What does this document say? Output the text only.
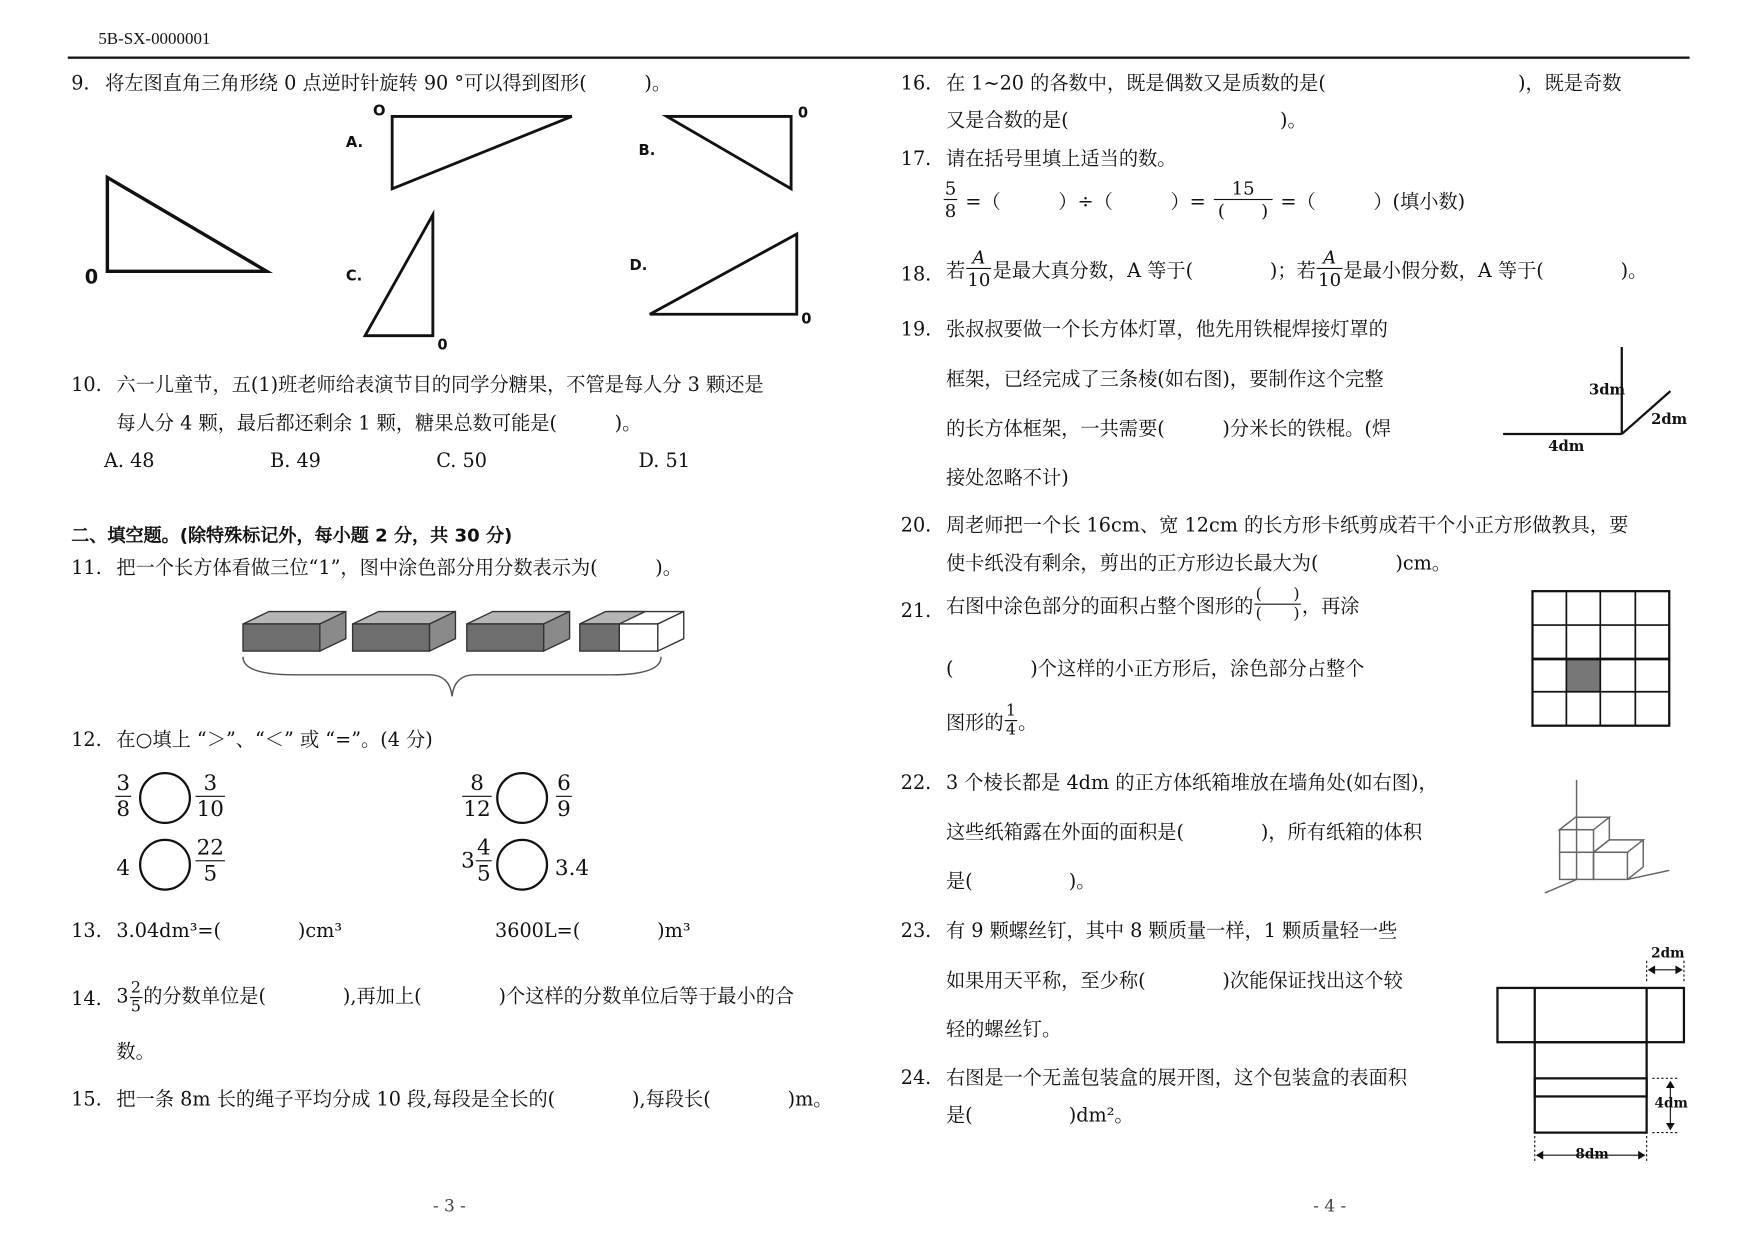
5B-SX-0000001
9. 将左图直角三角形绕 0 点逆时针旋转 90 °可以得到图形(　　　)。
0
A.	B.
C.
D.
O	0
0
0
10. 六一儿童节，五(1)班老师给表演节目的同学分糖果，不管是每人分 3 颗还是
每人分 4 颗，最后都还剩余 1 颗，糖果总数可能是(　　　)。
A. 48	B. 49	C. 50	D. 51
二、填空题。(除特殊标记外，每小题 2 分，共 30 分)
11. 把一个长方体看做三位“1”，图中涂色部分用分数表示为(　　　)。
12. 在○填上 “＞”、“＜” 或 “=”。(4 分)
$\frac{3}{8}$	$\frac{3}{10}$
4	$\frac{22}{5}$
$\frac{8}{12}$	$\frac{6}{9}$
$3 \frac{4}{5}$	3.4
13. 3.04dm³=(　　　　)cm³	3600L=(　　　　)m³
14. $3 \frac{2}{5}$ 的分数单位是(　　　　),再加上(　　　　)个这样的分数单位后等于最小的合
数。
15. 把一条 8m 长的绳子平均分成 10 段,每段是全长的(　　　　),每段长(　　　　)m。
- 3 -
16. 在 1~20 的各数中，既是偶数又是质数的是(　　　　　　　　　　)，既是奇数
又是合数的是(　　　　　　　　　　　)。
17. 请在括号里填上适当的数。
$\frac{5}{8}$ =（　　　）÷（　　　）= $\frac{15}{( )}$ =（　　　）(填小数)
18. 若 $\frac{A}{10}$ 是最大真分数，A 等于(　　　　)；若 $\frac{A}{10}$ 是最小假分数，A 等于(　　　　)。
19. 张叔叔要做一个长方体灯罩，他先用铁棍焊接灯罩的
框架，已经完成了三条棱(如右图)，要制作这个完整
的长方体框架，一共需要(　　　)分米长的铁棍。(焊
接处忽略不计)
3dm
2dm
4dm
20. 周老师把一个长 16cm、宽 12cm 的长方形卡纸剪成若干个小正方形做教具，要
使卡纸没有剩余，剪出的正方形边长最大为(　　　　)cm。
21. 右图中涂色部分的面积占整个图形的 $\frac{( )}{( )}$ ，再涂
(　　　　)个这样的小正方形后，涂色部分占整个
图形的 $\frac{1}{4}$ 。
22. 3 个棱长都是 4dm 的正方体纸箱堆放在墙角处(如右图)，
这些纸箱露在外面的面积是(　　　　)，所有纸箱的体积
是(　　　　　)。
23. 有 9 颗螺丝钉，其中 8 颗质量一样，1 颗质量轻一些
如果用天平称，至少称(　　　　)次能保证找出这个较
轻的螺丝钉。
24. 右图是一个无盖包装盒的展开图，这个包装盒的表面积
是(　　　　　)dm²。
2dm
4dm
8dm
- 4 -
